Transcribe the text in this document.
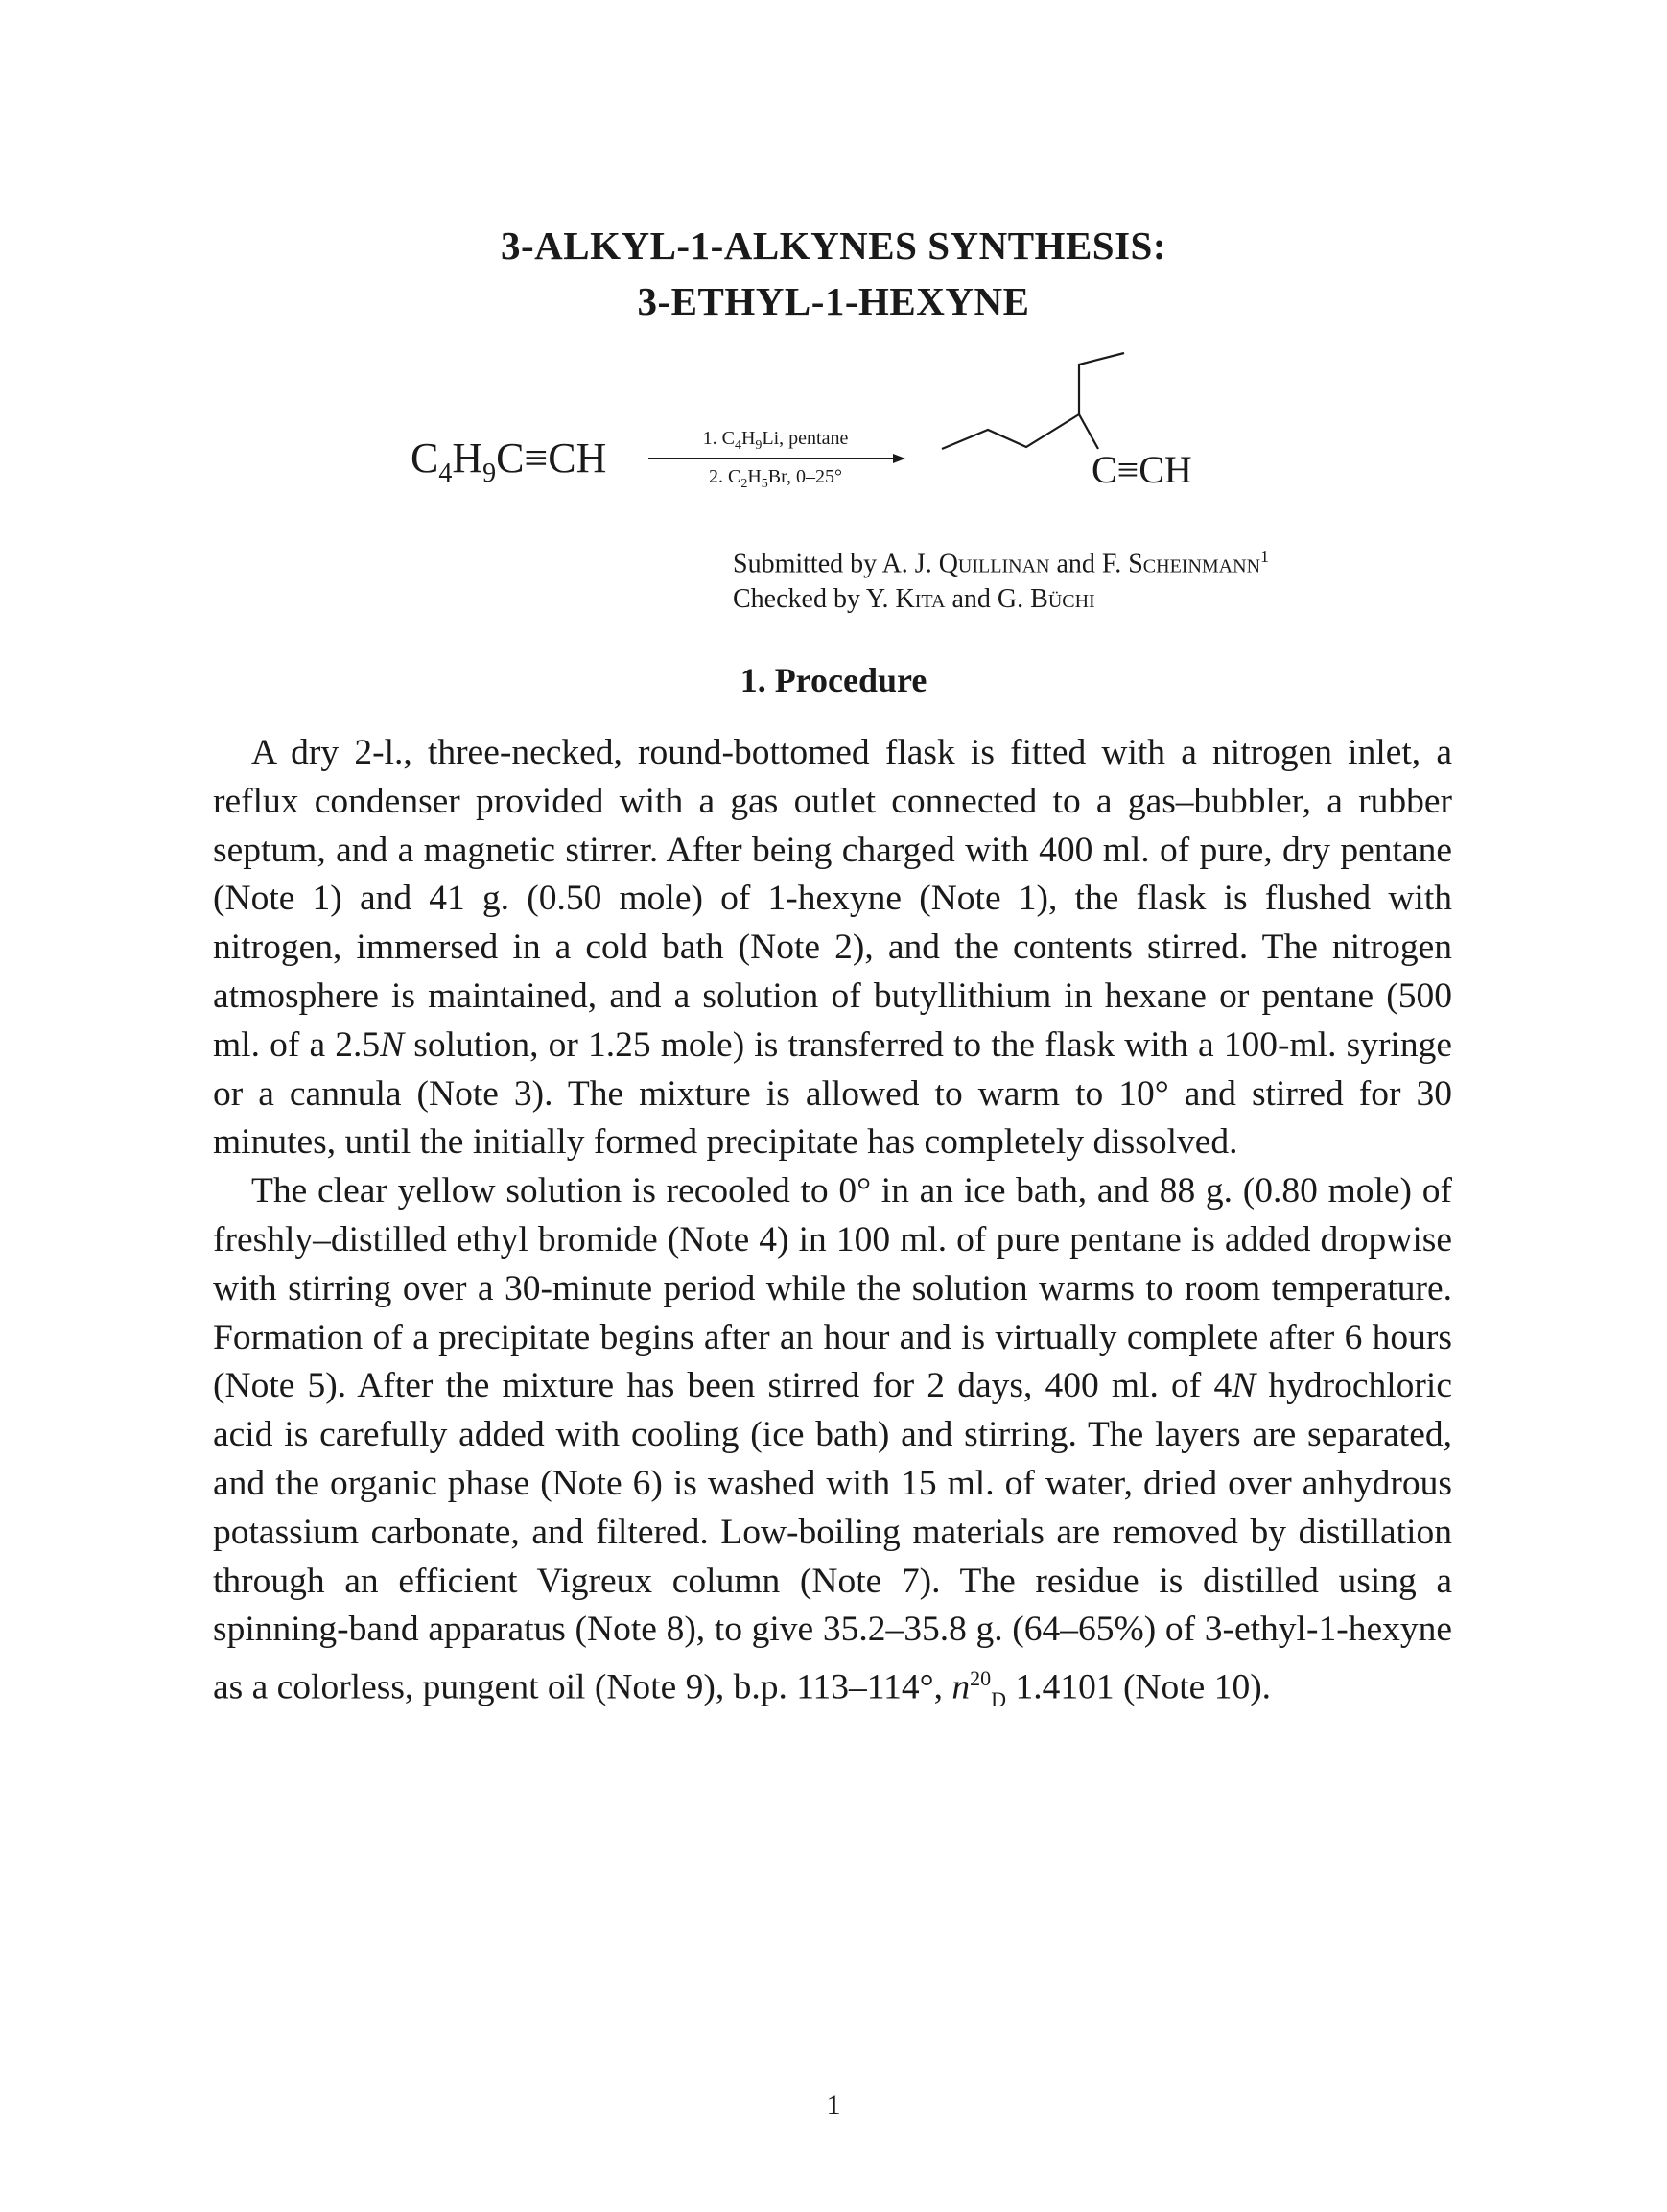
3-ALKYL-1-ALKYNES SYNTHESIS:
3-ETHYL-1-HEXYNE
$C_4H_9C\equiv CH$	1. $C_4H_9Li$, pentane
2. $C_2H_5Br$, 0–25°	C≡CH
Submitted by A. J. Quillinan and F. Scheinmann$^1$
Checked by Y. Kita and G. Büchi
1. Procedure

A dry 2-l., three-necked, round-bottomed flask is fitted with a nitrogen inlet, a reflux condenser provided with a gas outlet connected to a gas–bubbler, a rubber septum, and a magnetic stirrer. After being charged with 400 ml. of pure, dry pentane (Note 1) and 41 g. (0.50 mole) of 1-hexyne (Note 1), the flask is flushed with nitrogen, immersed in a cold bath (Note 2), and the contents stirred. The nitrogen atmosphere is maintained, and a solution of butyllithium in hexane or pentane (500 ml. of a 2.5N solution, or 1.25 mole) is transferred to the flask with a 100-ml. syringe or a cannula (Note 3). The mixture is allowed to warm to 10° and stirred for 30 minutes, until the initially formed precipitate has completely dissolved.

The clear yellow solution is recooled to 0° in an ice bath, and 88 g. (0.80 mole) of freshly–distilled ethyl bromide (Note 4) in 100 ml. of pure pentane is added dropwise with stirring over a 30-minute period while the solution warms to room temperature. Formation of a precipitate begins after an hour and is virtually complete after 6 hours (Note 5). After the mixture has been stirred for 2 days, 400 ml. of 4N hydrochloric acid is carefully added with cooling (ice bath) and stirring. The layers are separated, and the organic phase (Note 6) is washed with 15 ml. of water, dried over anhydrous potassium carbonate, and filtered. Low-boiling materials are removed by distillation through an efficient Vigreux column (Note 7). The residue is distilled using a spinning-band apparatus (Note 8), to give 35.2–35.8 g. (64–65%) of 3-ethyl-1-hexyne as a colorless, pungent oil (Note 9), b.p. 113–114°, $n^{20}_D$ 1.4101 (Note 10).

1
